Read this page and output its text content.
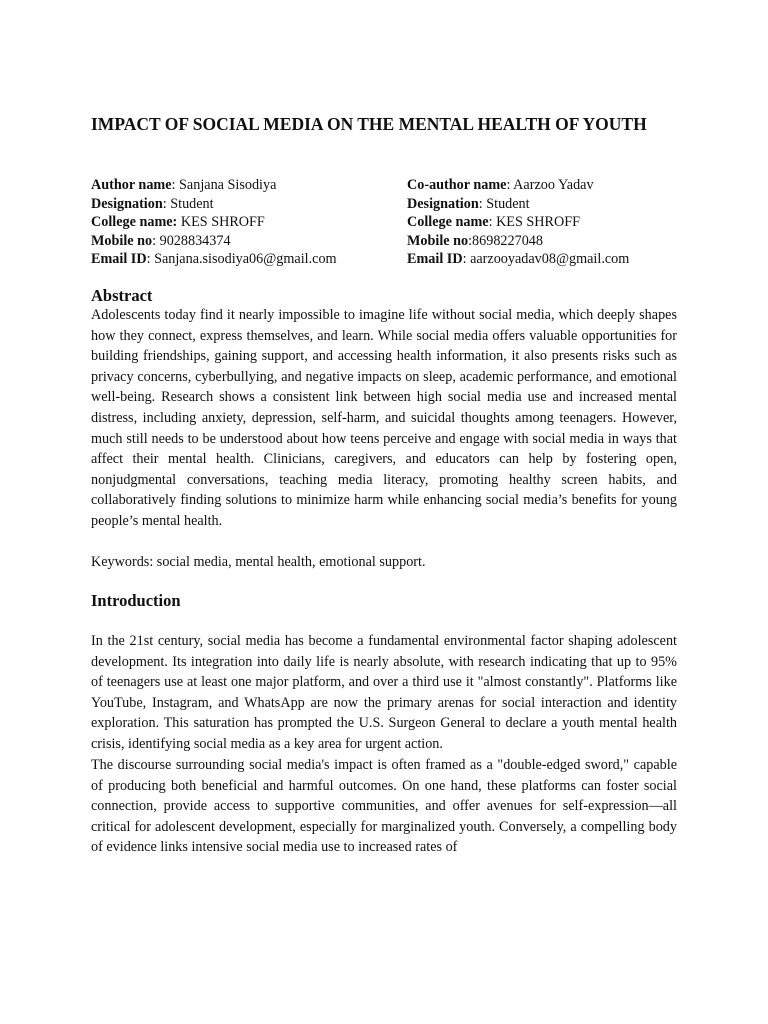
IMPACT OF SOCIAL MEDIA ON THE MENTAL HEALTH OF YOUTH
Author name: Sanjana Sisodiya
Designation: Student
College name: KES SHROFF
Mobile no: 9028834374
Email ID: Sanjana.sisodiya06@gmail.com
Co-author name: Aarzoo Yadav
Designation: Student
College name: KES SHROFF
Mobile no:8698227048
Email ID: aarzooyadav08@gmail.com
Abstract

Adolescents today find it nearly impossible to imagine life without social media, which deeply shapes how they connect, express themselves, and learn. While social media offers valuable opportunities for building friendships, gaining support, and accessing health information, it also presents risks such as privacy concerns, cyberbullying, and negative impacts on sleep, academic performance, and emotional well-being. Research shows a consistent link between high social media use and increased mental distress, including anxiety, depression, self-harm, and suicidal thoughts among teenagers. However, much still needs to be understood about how teens perceive and engage with social media in ways that affect their mental health. Clinicians, caregivers, and educators can help by fostering open, nonjudgmental conversations, teaching media literacy, promoting healthy screen habits, and collaboratively finding solutions to minimize harm while enhancing social media’s benefits for young people’s mental health.

Keywords: social media, mental health, emotional support.

Introduction

In the 21st century, social media has become a fundamental environmental factor shaping adolescent development. Its integration into daily life is nearly absolute, with research indicating that up to 95% of teenagers use at least one major platform, and over a third use it "almost constantly". Platforms like YouTube, Instagram, and WhatsApp are now the primary arenas for social interaction and identity exploration. This saturation has prompted the U.S. Surgeon General to declare a youth mental health crisis, identifying social media as a key area for urgent action.

The discourse surrounding social media's impact is often framed as a "double-edged sword," capable of producing both beneficial and harmful outcomes. On one hand, these platforms can foster social connection, provide access to supportive communities, and offer avenues for self-expression—all critical for adolescent development, especially for marginalized youth. Conversely, a compelling body of evidence links intensive social media use to increased rates of
